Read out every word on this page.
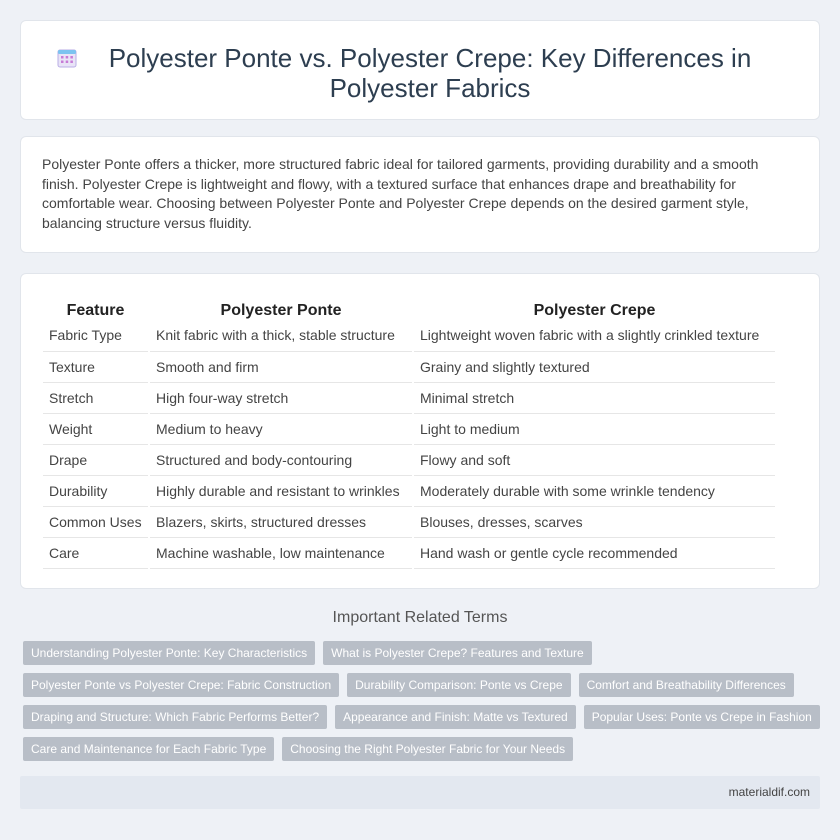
Polyester Ponte vs. Polyester Crepe: Key Differences in Polyester Fabrics

Polyester Ponte offers a thicker, more structured fabric ideal for tailored garments, providing durability and a smooth finish. Polyester Crepe is lightweight and flowy, with a textured surface that enhances drape and breathability for comfortable wear. Choosing between Polyester Ponte and Polyester Crepe depends on the desired garment style, balancing structure versus fluidity.

Feature	Polyester Ponte	Polyester Crepe
Fabric Type	Knit fabric with a thick, stable structure	Lightweight woven fabric with a slightly crinkled texture
Texture	Smooth and firm	Grainy and slightly textured
Stretch	High four-way stretch	Minimal stretch
Weight	Medium to heavy	Light to medium
Drape	Structured and body-contouring	Flowy and soft
Durability	Highly durable and resistant to wrinkles	Moderately durable with some wrinkle tendency
Common Uses	Blazers, skirts, structured dresses	Blouses, dresses, scarves
Care	Machine washable, low maintenance	Hand wash or gentle cycle recommended
Important Related Terms
Understanding Polyester Ponte: Key Characteristics	What is Polyester Crepe? Features and Texture
Polyester Ponte vs Polyester Crepe: Fabric Construction	Durability Comparison: Ponte vs Crepe	Comfort and Breathability Differences
Draping and Structure: Which Fabric Performs Better?	Appearance and Finish: Matte vs Textured	Popular Uses: Ponte vs Crepe in Fashion
Care and Maintenance for Each Fabric Type	Choosing the Right Polyester Fabric for Your Needs
materialdif.com
